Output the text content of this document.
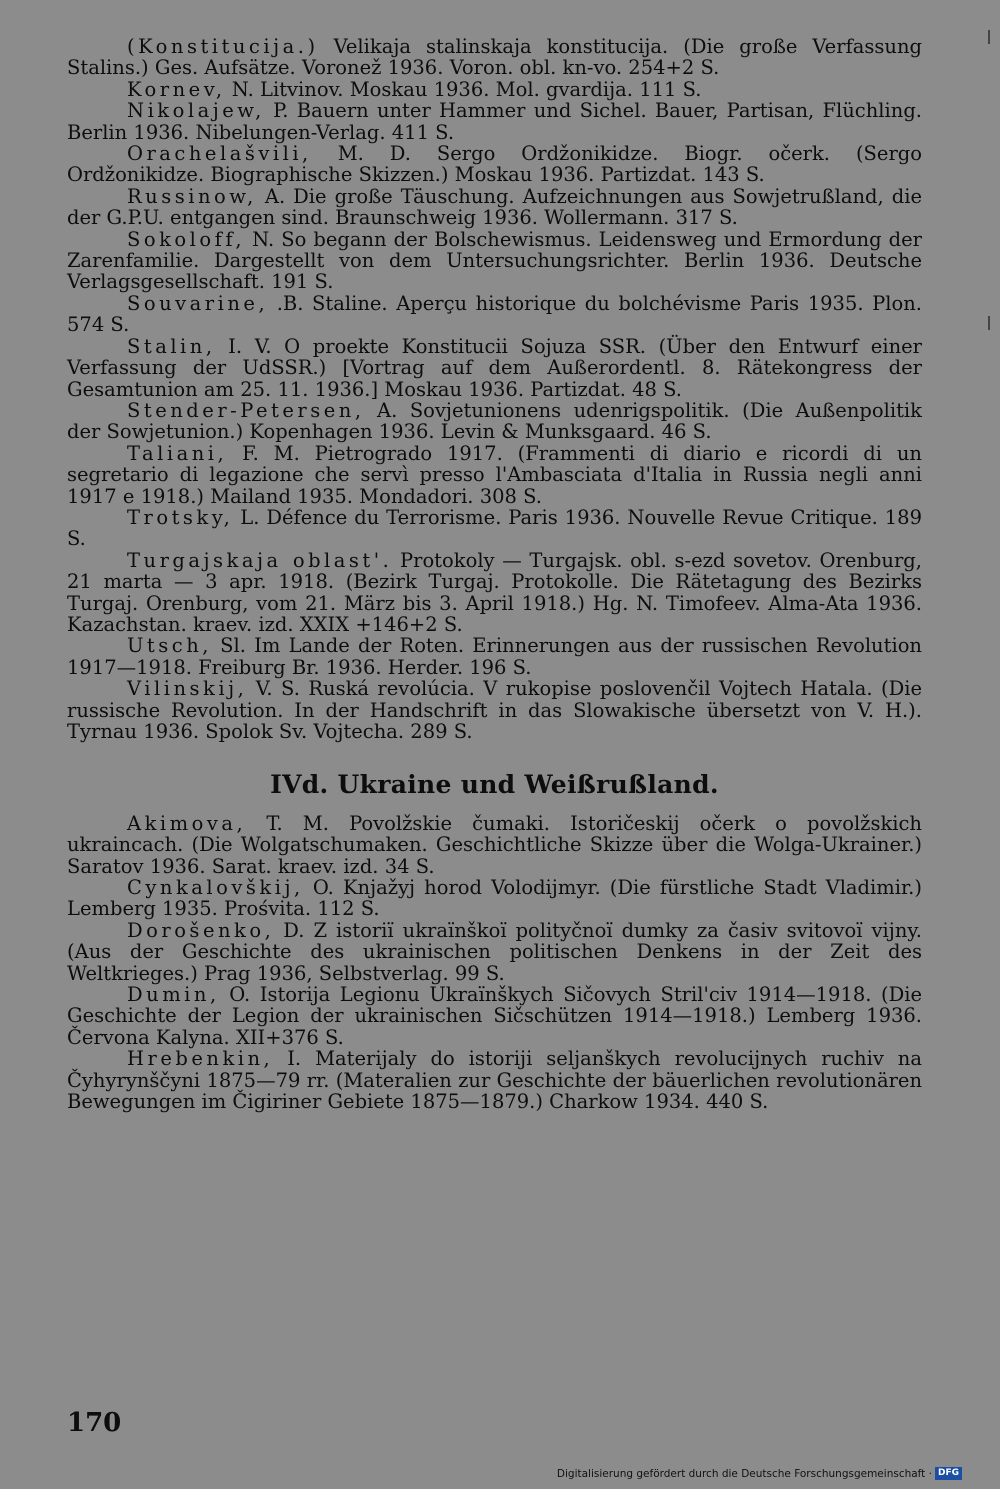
(Konstitucija.) Velikaja stalinskaja konstitucija. (Die große Verfassung Stalins.) Ges. Aufsätze. Voronež 1936. Voron. obl. kn-vo. 254+2 S.

Kornev, N. Litvinov. Moskau 1936. Mol. gvardija. 111 S.

Nikolajew, P. Bauern unter Hammer und Sichel. Bauer, Partisan, Flüchling. Berlin 1936. Nibelungen-Verlag. 411 S.

Orachelašvili, M. D. Sergo Ordžonikidze. Biogr. očerk. (Sergo Ordžonikidze. Biographische Skizzen.) Moskau 1936. Partizdat. 143 S.

Russinow, A. Die große Täuschung. Aufzeichnungen aus Sowjetrußland, die der G.P.U. entgangen sind. Braunschweig 1936. Wollermann. 317 S.

Sokoloff, N. So begann der Bolschewismus. Leidensweg und Ermordung der Zarenfamilie. Dargestellt von dem Untersuchungsrichter. Berlin 1936. Deutsche Verlagsgesellschaft. 191 S.

Souvarine, .B. Staline. Aperçu historique du bolchévisme Paris 1935. Plon. 574 S.

Stalin, I. V. O proekte Konstitucii Sojuza SSR. (Über den Entwurf einer Verfassung der UdSSR.) [Vortrag auf dem Außerordentl. 8. Rätekongress der Gesamtunion am 25. 11. 1936.] Moskau 1936. Partizdat. 48 S.

Stender-Petersen, A. Sovjetunionens udenrigspolitik. (Die Außenpolitik der Sowjetunion.) Kopenhagen 1936. Levin & Munksgaard. 46 S.

Taliani, F. M. Pietrogrado 1917. (Frammenti di diario e ricordi di un segretario di legazione che servì presso l'Ambasciata d'Italia in Russia negli anni 1917 e 1918.) Mailand 1935. Mondadori. 308 S.

Trotsky, L. Défence du Terrorisme. Paris 1936. Nouvelle Revue Critique. 189 S.

Turgajskaja oblast'. Protokoly — Turgajsk. obl. s-ezd sovetov. Orenburg, 21 marta — 3 apr. 1918. (Bezirk Turgaj. Protokolle. Die Rätetagung des Bezirks Turgaj. Orenburg, vom 21. März bis 3. April 1918.) Hg. N. Timofeev. Alma-Ata 1936. Kazachstan. kraev. izd. XXIX +146+2 S.

Utsch, Sl. Im Lande der Roten. Erinnerungen aus der russischen Revolution 1917—1918. Freiburg Br. 1936. Herder. 196 S.

Vilinskij, V. S. Ruská revolúcia. V rukopise poslovenčil Vojtech Hatala. (Die russische Revolution. In der Handschrift in das Slowakische übersetzt von V. H.). Tyrnau 1936. Spolok Sv. Vojtecha. 289 S.

IVd. Ukraine und Weißrußland.

Akimova, T. M. Povolžskie čumaki. Istoričeskij očerk o povolžskich ukraincach. (Die Wolgatschumaken. Geschichtliche Skizze über die Wolga-Ukrainer.) Saratov 1936. Sarat. kraev. izd. 34 S.

Cynkalovškij, O. Knjažyj horod Volodijmyr. (Die fürstliche Stadt Vladimir.) Lemberg 1935. Prośvita. 112 S.

Dorošenko, D. Z istoriï ukraïnškoï polityčnoï dumky za časiv svitovoï vijny. (Aus der Geschichte des ukrainischen politischen Denkens in der Zeit des Weltkrieges.) Prag 1936, Selbstverlag. 99 S.

Dumin, O. Istorija Legionu Ukraïnškych Sičovych Stril'civ 1914—1918. (Die Geschichte der Legion der ukrainischen Sičschützen 1914—1918.) Lemberg 1936. Červona Kalyna. XII+376 S.

Hrebenkin, I. Materijaly do istoriji seljanškych revolucijnych ruchiv na Čyhyrynščyni 1875—79 rr. (Materalien zur Geschichte der bäuerlichen revolutionären Bewegungen im Čigiriner Gebiete 1875—1879.) Charkow 1934. 440 S.

170
Digitalisierung gefördert durch die Deutsche Forschungsgemeinschaft · DFG
